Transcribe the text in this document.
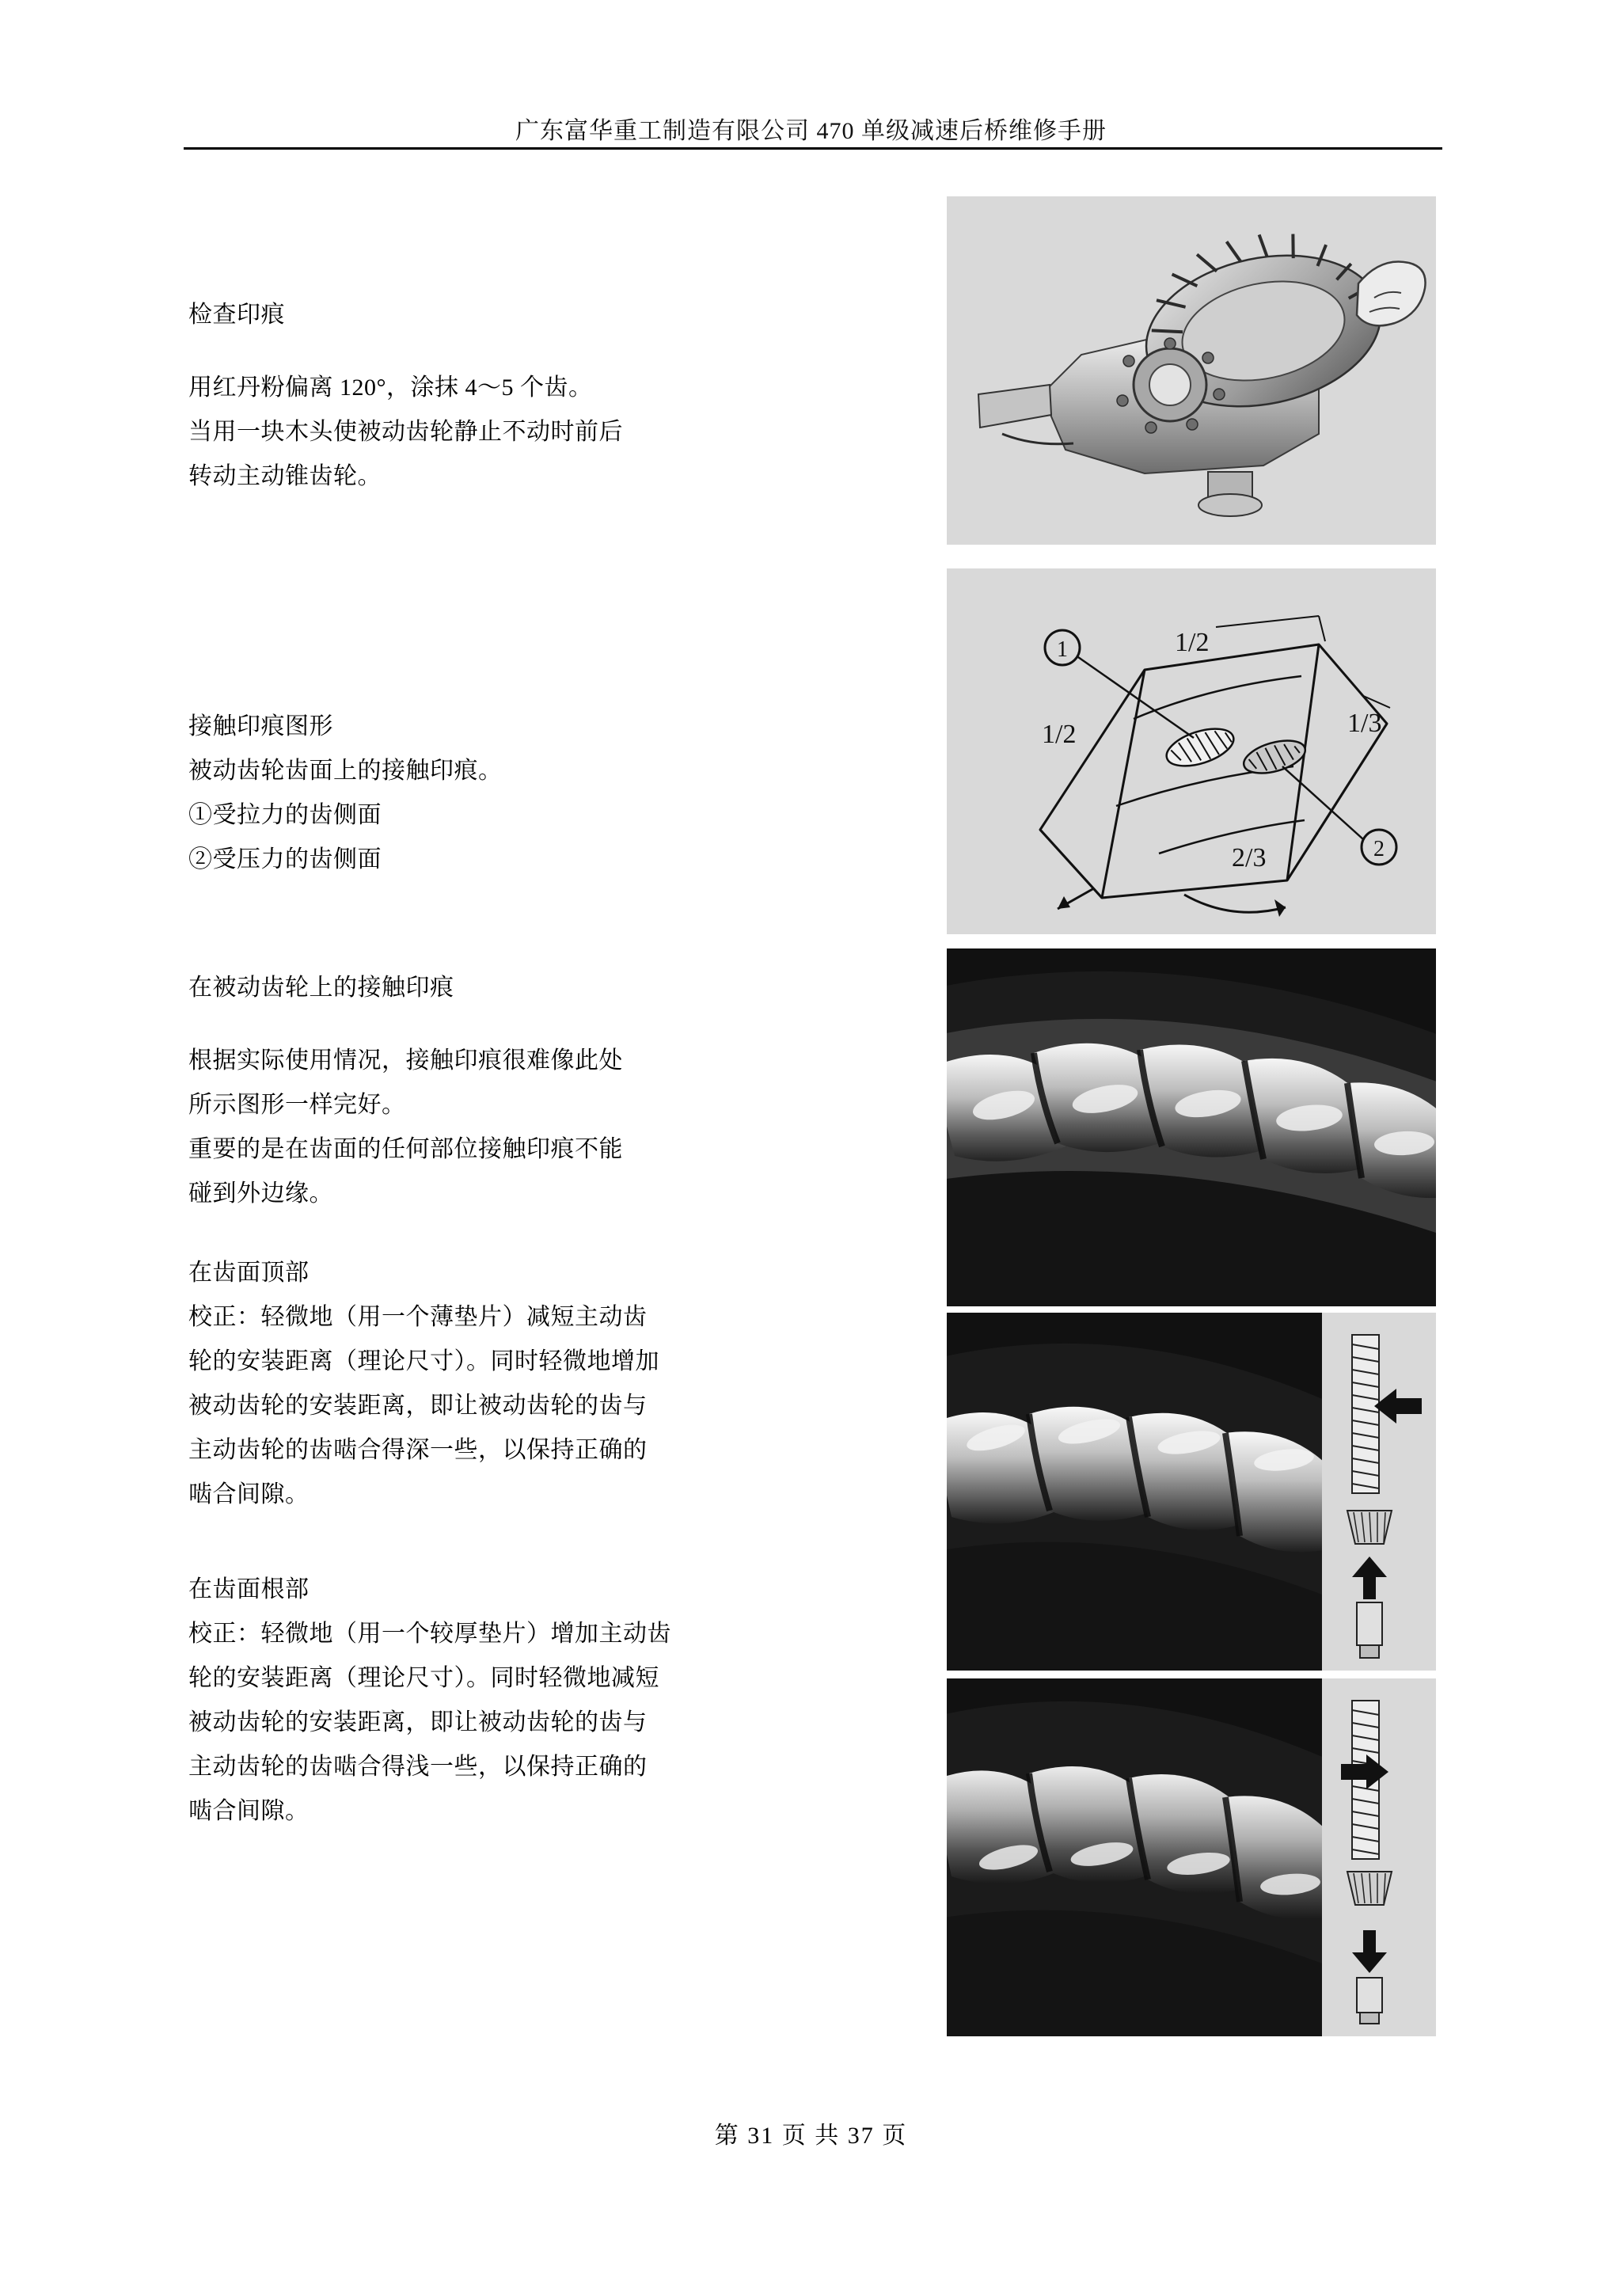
广东富华重工制造有限公司 470 单级减速后桥维修手册

检查印痕

用红丹粉偏离 120°，涂抹 4～5 个齿。

当用一块木头使被动齿轮静止不动时前后

转动主动锥齿轮。

接触印痕图形

被动齿轮齿面上的接触印痕。

①受拉力的齿侧面

②受压力的齿侧面

在被动齿轮上的接触印痕

根据实际使用情况，接触印痕很难像此处

所示图形一样完好。

重要的是在齿面的任何部位接触印痕不能

碰到外边缘。

在齿面顶部

校正：轻微地（用一个薄垫片）减短主动齿

轮的安装距离（理论尺寸）。同时轻微地增加

被动齿轮的安装距离，即让被动齿轮的齿与

主动齿轮的齿啮合得深一些，以保持正确的

啮合间隙。

在齿面根部

校正：轻微地（用一个较厚垫片）增加主动齿

轮的安装距离（理论尺寸）。同时轻微地减短

被动齿轮的安装距离，即让被动齿轮的齿与

主动齿轮的齿啮合得浅一些，以保持正确的

啮合间隙。

1
2
1/2
1/2	1/3
2/3
第 31 页 共 37 页
